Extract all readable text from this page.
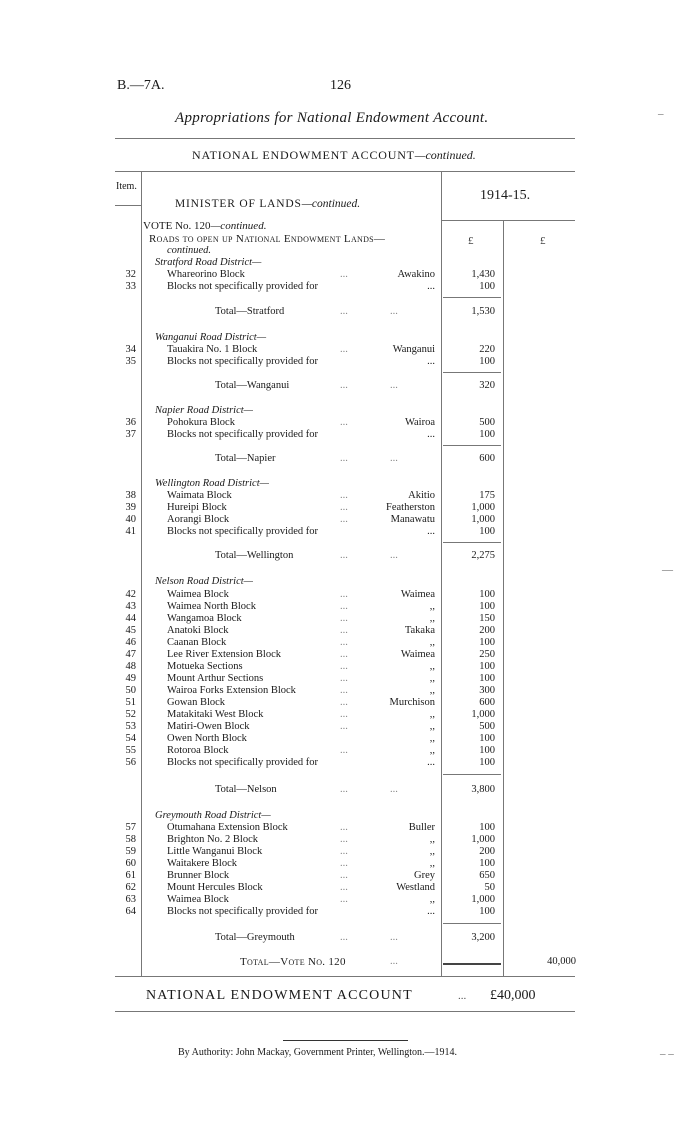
B.—7A.	126
Appropriations for National Endowment Account.
NATIONAL ENDOWMENT ACCOUNT—continued.
Item.
1914-15.
MINISTER OF LANDS—continued.
VOTE No. 120—continued.
Roads to open up National Endowment Lands—
continued.
£	£
Stratford Road District—
32	Whareorino Block	...	Awakino	1,430
33	Blocks not specifically provided for	...	100
Total—Stratford	...	...	1,530
Wanganui Road District—
34	Tauakira No. 1 Block	...	Wanganui	220
35	Blocks not specifically provided for	...	100
Total—Wanganui	...	...	320
Napier Road District—
36	Pohokura Block	...	Wairoa	500
37	Blocks not specifically provided for	...	100
Total—Napier	...	...	600
Wellington Road District—
38	Waimata Block	...	Akitio	175
39	Hureipi Block	...	Featherston	1,000
40	Aorangi Block	...	Manawatu	1,000
41	Blocks not specifically provided for	...	100
Total—Wellington	...	...	2,275
Nelson Road District—
42	Waimea Block	...	Waimea	100
43	Waimea North Block	...	,,	100
44	Wangamoa Block	...	,,	150
45	Anatoki Block	...	Takaka	200
46	Caanan Block	...	,,	100
47	Lee River Extension Block	...	Waimea	250
48	Motueka Sections	...	,,	100
49	Mount Arthur Sections	...	,,	100
50	Wairoa Forks Extension Block	...	,,	300
51	Gowan Block	...	Murchison	600
52	Matakitaki West Block	...	,,	1,000
53	Matiri-Owen Block	...	,,	500
54	Owen North Block	,,	100
55	Rotoroa Block	...	,,	100
56	Blocks not specifically provided for	...	100
Total—Nelson	...	...	3,800
Greymouth Road District—
57	Otumahana Extension Block	...	Buller	100
58	Brighton No. 2 Block	...	,,	1,000
59	Little Wanganui Block	...	,,	200
60	Waitakere Block	...	,,	100
61	Brunner Block	...	Grey	650
62	Mount Hercules Block	...	Westland	50
63	Waimea Block	...	,,	1,000
64	Blocks not specifically provided for	...	100
Total—Greymouth	...	...	3,200
Total—Vote No. 120	...	40,000
NATIONAL ENDOWMENT ACCOUNT	... £40,000
By Authority: John Mackay, Government Printer, Wellington.—1914.
–
—
– –
